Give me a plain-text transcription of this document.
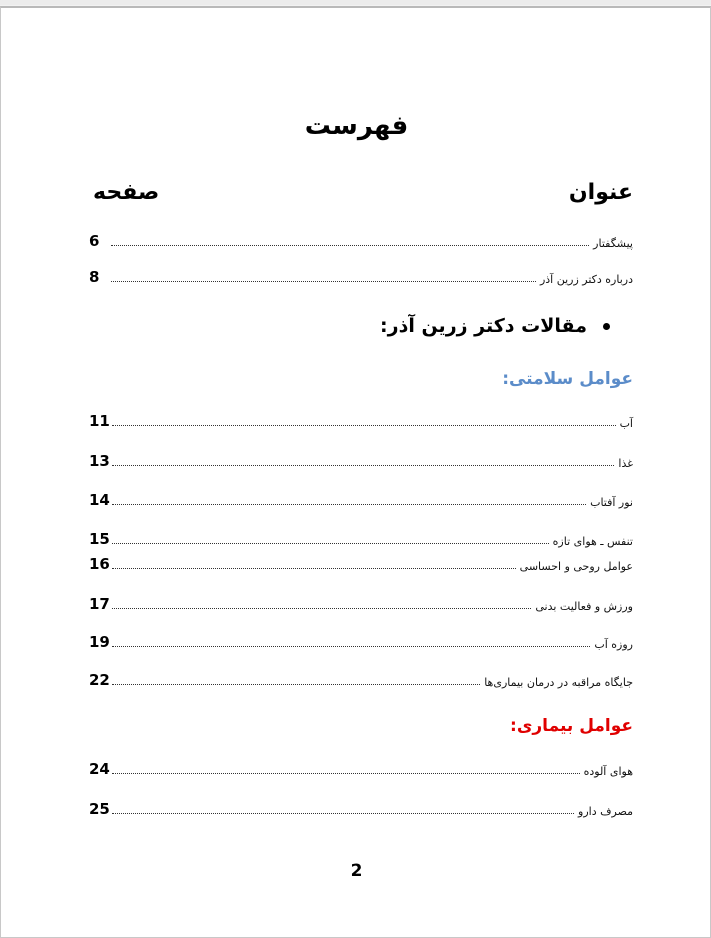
فهرست
عنوان
صفحه
پیشگفتار
6
درباره دکتر زرین آذر
8
مقالات دکتر زرین آذر:
عوامل سلامتی:
آب
11
غذا
13
نور آفتاب
14
تنفس ـ هوای تازه
15
عوامل روحی و احساسی
16
ورزش و فعالیت بدنی
17
روزه آب
19
جایگاه مراقبه در درمان بیماری‌ها
22
عوامل بیماری:
هوای آلوده
24
مصرف دارو
25
2
